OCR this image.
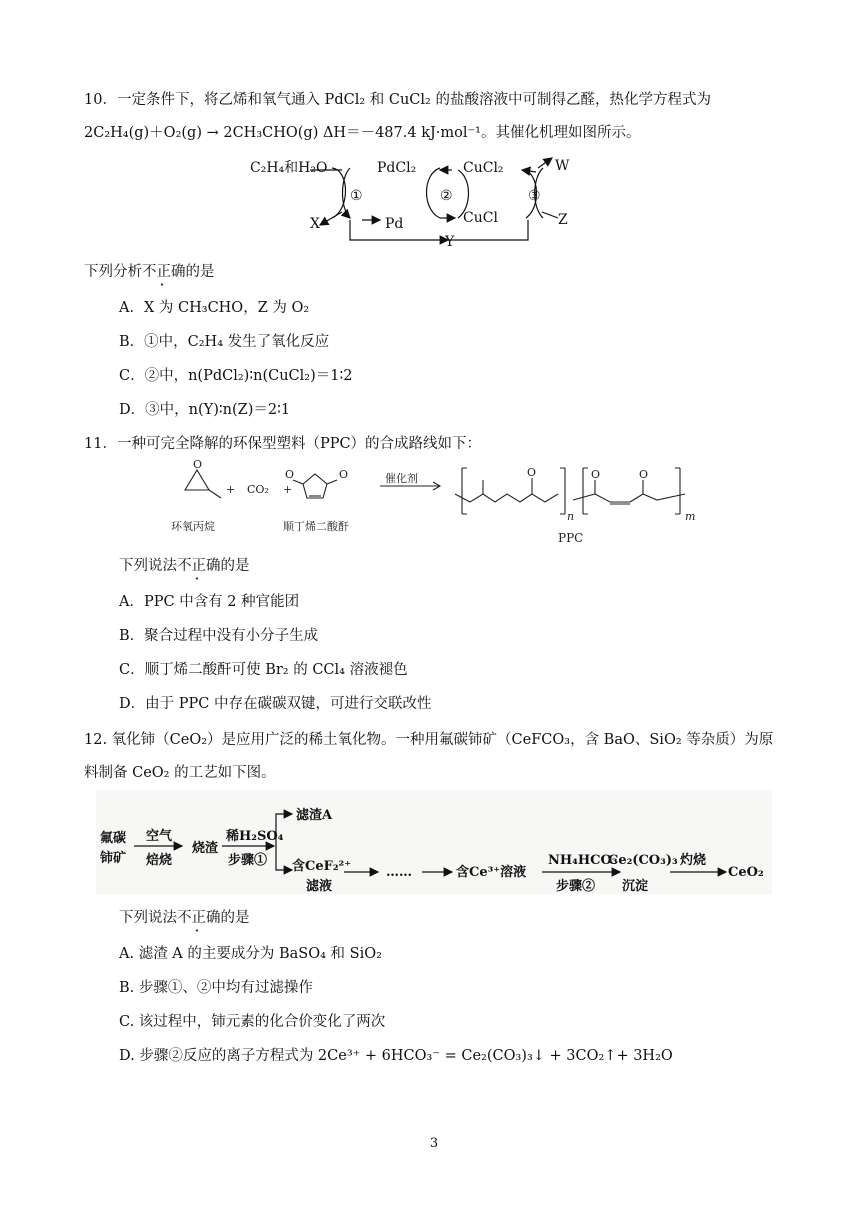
10．一定条件下，将乙烯和氧气通入 PdCl₂ 和 CuCl₂ 的盐酸溶液中可制得乙醛，热化学方程式为
2C₂H₄(g)＋O₂(g) → 2CH₃CHO(g) ΔH＝－487.4 kJ·mol⁻¹。其催化机理如图所示。
C₂H₄和H₂O	PdCl₂	CuCl₂	W
①	②	③
X	Pd	CuCl	Z
Y
下列分析不正确的是
A．X 为 CH₃CHO，Z 为 O₂
B．①中，C₂H₄ 发生了氧化反应
C．②中，n(PdCl₂)∶n(CuCl₂)＝1∶2
D．③中，n(Y)∶n(Z)＝2∶1
11．一种可完全降解的环保型塑料（PPC）的合成路线如下：
O
+ CO₂ +
O	O	催化剂	O	O	O
n	m
环氧丙烷	顺丁烯二酸酐
PPC
下列说法不正确的是
A．PPC 中含有 2 种官能团
B．聚合过程中没有小分子生成
C．顺丁烯二酸酐可使 Br₂ 的 CCl₄ 溶液褪色
D．由于 PPC 中存在碳碳双键，可进行交联改性
12. 氧化铈（CeO₂）是应用广泛的稀土氧化物。一种用氟碳铈矿（CeFCO₃，含 BaO、SiO₂ 等杂质）为原
料制备 CeO₂ 的工艺如下图。
氟碳
铈矿
空气
焙烧
烧渣
稀H₂SO₄
步骤①
滤渣A
含CeF₂²⁺
滤液
……	含Ce³⁺溶液
NH₄HCO₃
步骤②
Ce₂(CO₃)₃
沉淀
灼烧
CeO₂
下列说法不正确的是
A. 滤渣 A 的主要成分为 BaSO₄ 和 SiO₂
B. 步骤①、②中均有过滤操作
C. 该过程中，铈元素的化合价变化了两次
D. 步骤②反应的离子方程式为 2Ce³⁺ + 6HCO₃⁻ = Ce₂(CO₃)₃↓ + 3CO₂↑+ 3H₂O
3
